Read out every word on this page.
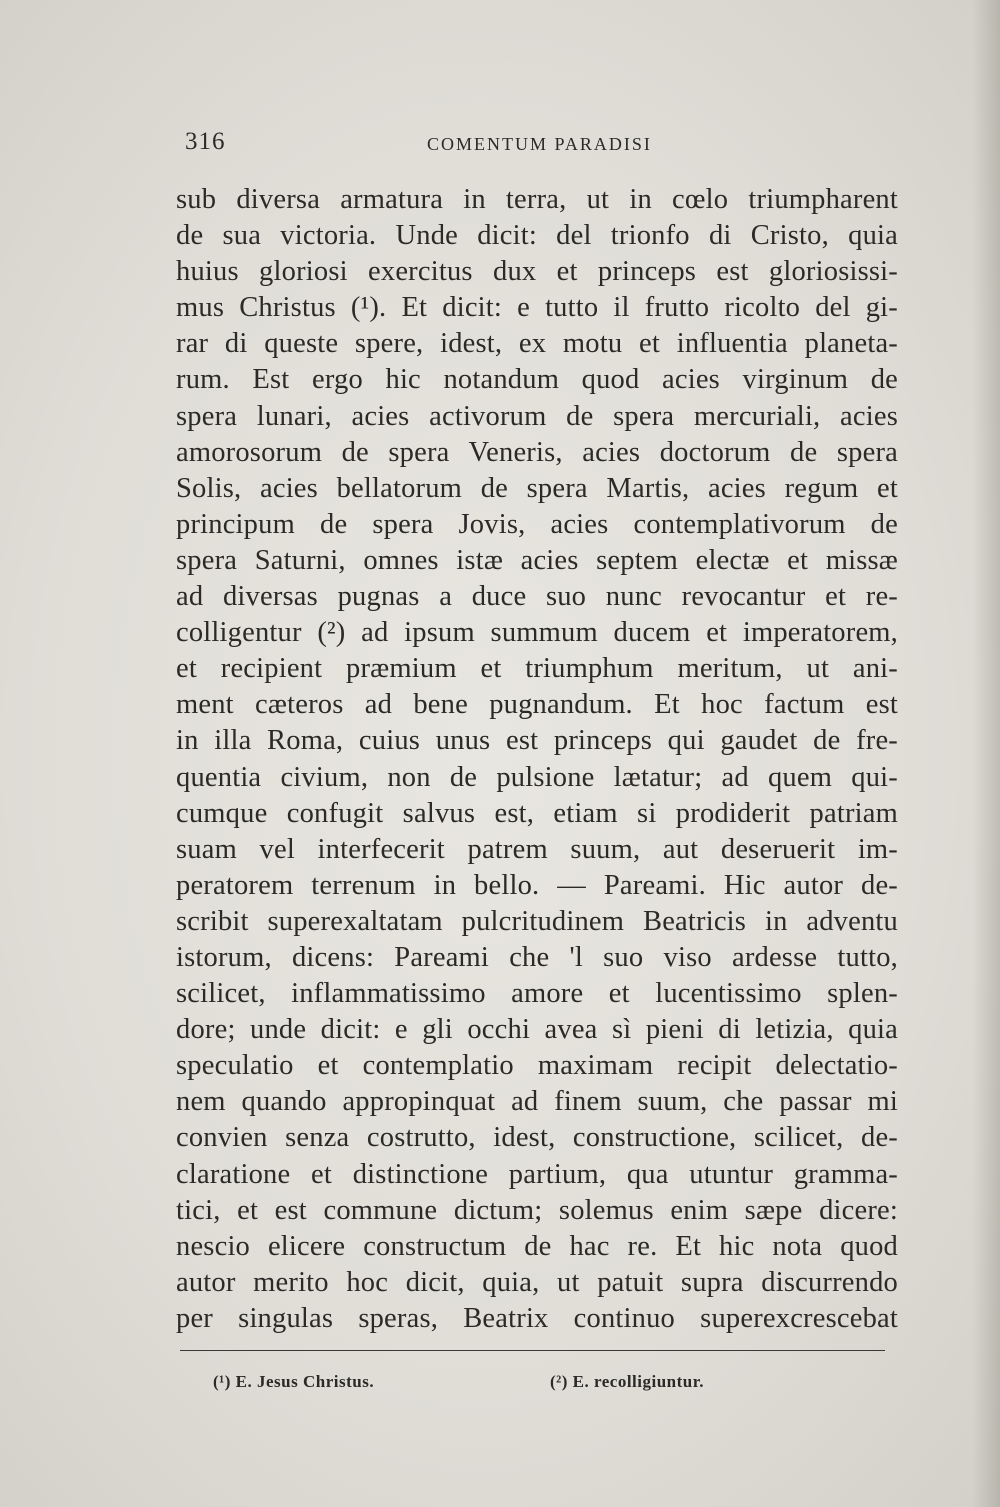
316	COMENTUM PARADISI
sub diversa armatura in terra, ut in cœlo triumpharent
de sua victoria. Unde dicit: del trionfo di Cristo, quia
huius gloriosi exercitus dux et princeps est gloriosissi-
mus Christus (¹). Et dicit: e tutto il frutto ricolto del gi-
rar di queste spere, idest, ex motu et influentia planeta-
rum. Est ergo hic notandum quod acies virginum de
spera lunari, acies activorum de spera mercuriali, acies
amorosorum de spera Veneris, acies doctorum de spera
Solis, acies bellatorum de spera Martis, acies regum et
principum de spera Jovis, acies contemplativorum de
spera Saturni, omnes istæ acies septem electæ et missæ
ad diversas pugnas a duce suo nunc revocantur et re-
colligentur (²) ad ipsum summum ducem et imperatorem,
et recipient præmium et triumphum meritum, ut ani-
ment cæteros ad bene pugnandum. Et hoc factum est
in illa Roma, cuius unus est princeps qui gaudet de fre-
quentia civium, non de pulsione lætatur; ad quem qui-
cumque confugit salvus est, etiam si prodiderit patriam
suam vel interfecerit patrem suum, aut deseruerit im-
peratorem terrenum in bello. — Pareami. Hic autor de-
scribit superexaltatam pulcritudinem Beatricis in adventu
istorum, dicens: Pareami che 'l suo viso ardesse tutto,
scilicet, inflammatissimo amore et lucentissimo splen-
dore; unde dicit: e gli occhi avea sì pieni di letizia, quia
speculatio et contemplatio maximam recipit delectatio-
nem quando appropinquat ad finem suum, che passar mi
convien senza costrutto, idest, constructione, scilicet, de-
claratione et distinctione partium, qua utuntur gramma-
tici, et est commune dictum; solemus enim sæpe dicere:
nescio elicere constructum de hac re. Et hic nota quod
autor merito hoc dicit, quia, ut patuit supra discurrendo
per singulas speras, Beatrix continuo superexcrescebat
(¹) E. Jesus Christus.	(²) E. recolligiuntur.
